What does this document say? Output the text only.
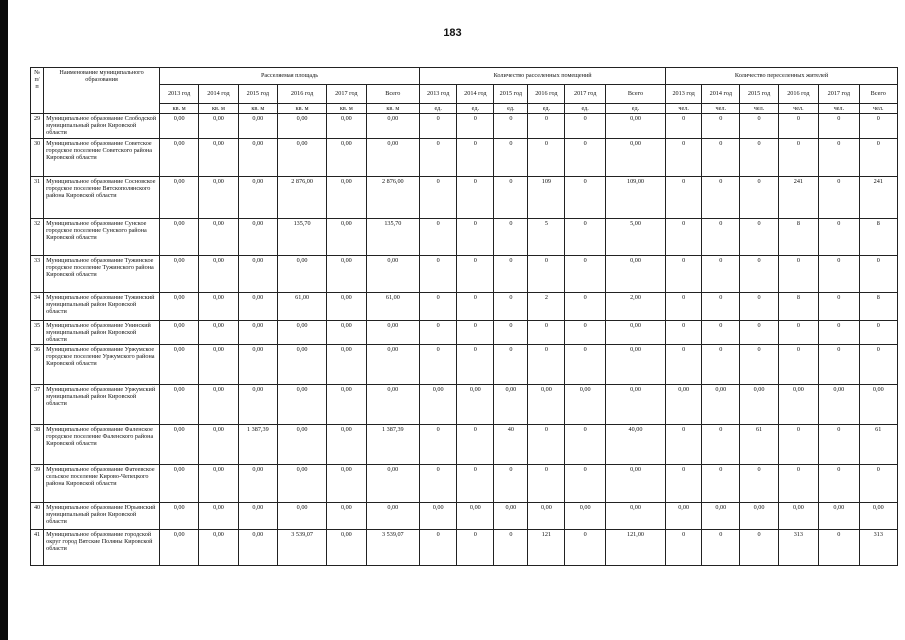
183
№ п/п	Наименование муниципального образования	Расселяемая площадь						Количество расселенных помещений						Количество переселенных жителей					
		2013 год	2014 год	2015 год	2016 год	2017 год	Всего	2013 год	2014 год	2015 год	2016 год	2017 год	Всего	2013 год	2014 год	2015 год	2016 год	2017 год	Всего
		кв. м	кв. м	кв. м	кв. м	кв. м	кв. м	ед.	ед.	ед.	ед.	ед.	ед.	чел.	чел.	чел.	чел.	чел.	чел.
29	Муниципальное образование Слободской муниципальный район Кировской области	0,00	0,00	0,00	0,00	0,00	0,00	0	0	0	0	0	0,00	0	0	0	0	0	0
30	Муниципальное образование Советское городское поселение Советского района Кировской области	0,00	0,00	0,00	0,00	0,00	0,00	0	0	0	0	0	0,00	0	0	0	0	0	0
31	Муниципальное образование Сосновское городское поселение Вятскополянского района Кировской области	0,00	0,00	0,00	2 876,00	0,00	2 876,00	0	0	0	109	0	109,00	0	0	0	241	0	241
32	Муниципальное образование Сунское городское поселение Сунского района Кировской области	0,00	0,00	0,00	135,70	0,00	135,70	0	0	0	5	0	5,00	0	0	0	8	0	8
33	Муниципальное образование Тужинское городское поселение Тужинского района Кировской области	0,00	0,00	0,00	0,00	0,00	0,00	0	0	0	0	0	0,00	0	0	0	0	0	0
34	Муниципальное образование Тужинский муниципальный район Кировской области	0,00	0,00	0,00	61,00	0,00	61,00	0	0	0	2	0	2,00	0	0	0	8	0	8
35	Муниципальное образование Унинский муниципальный район Кировской области	0,00	0,00	0,00	0,00	0,00	0,00	0	0	0	0	0	0,00	0	0	0	0	0	0
36	Муниципальное образование Уржумское городское поселение Уржумского района Кировской области	0,00	0,00	0,00	0,00	0,00	0,00	0	0	0	0	0	0,00	0	0	0	0	0	0
37	Муниципальное образование Уржумский муниципальный район Кировской области	0,00	0,00	0,00	0,00	0,00	0,00	0,00	0,00	0,00	0,00	0,00	0,00	0,00	0,00	0,00	0,00	0,00	0,00
38	Муниципальное образование Фаленское городское поселение Фаленского района Кировской области	0,00	0,00	1 387,39	0,00	0,00	1 387,39	0	0	40	0	0	40,00	0	0	61	0	0	61
39	Муниципальное образование Фатеевское сельское поселение Кирово-Чепецкого района Кировской области	0,00	0,00	0,00	0,00	0,00	0,00	0	0	0	0	0	0,00	0	0	0	0	0	0
40	Муниципальное образование Юрьянский муниципальный район Кировской области	0,00	0,00	0,00	0,00	0,00	0,00	0,00	0,00	0,00	0,00	0,00	0,00	0,00	0,00	0,00	0,00	0,00	0,00
41	Муниципальное образование городской округ город Вятские Поляны Кировской области	0,00	0,00	0,00	3 539,07	0,00	3 539,07	0	0	0	121	0	121,00	0	0	0	313	0	313
